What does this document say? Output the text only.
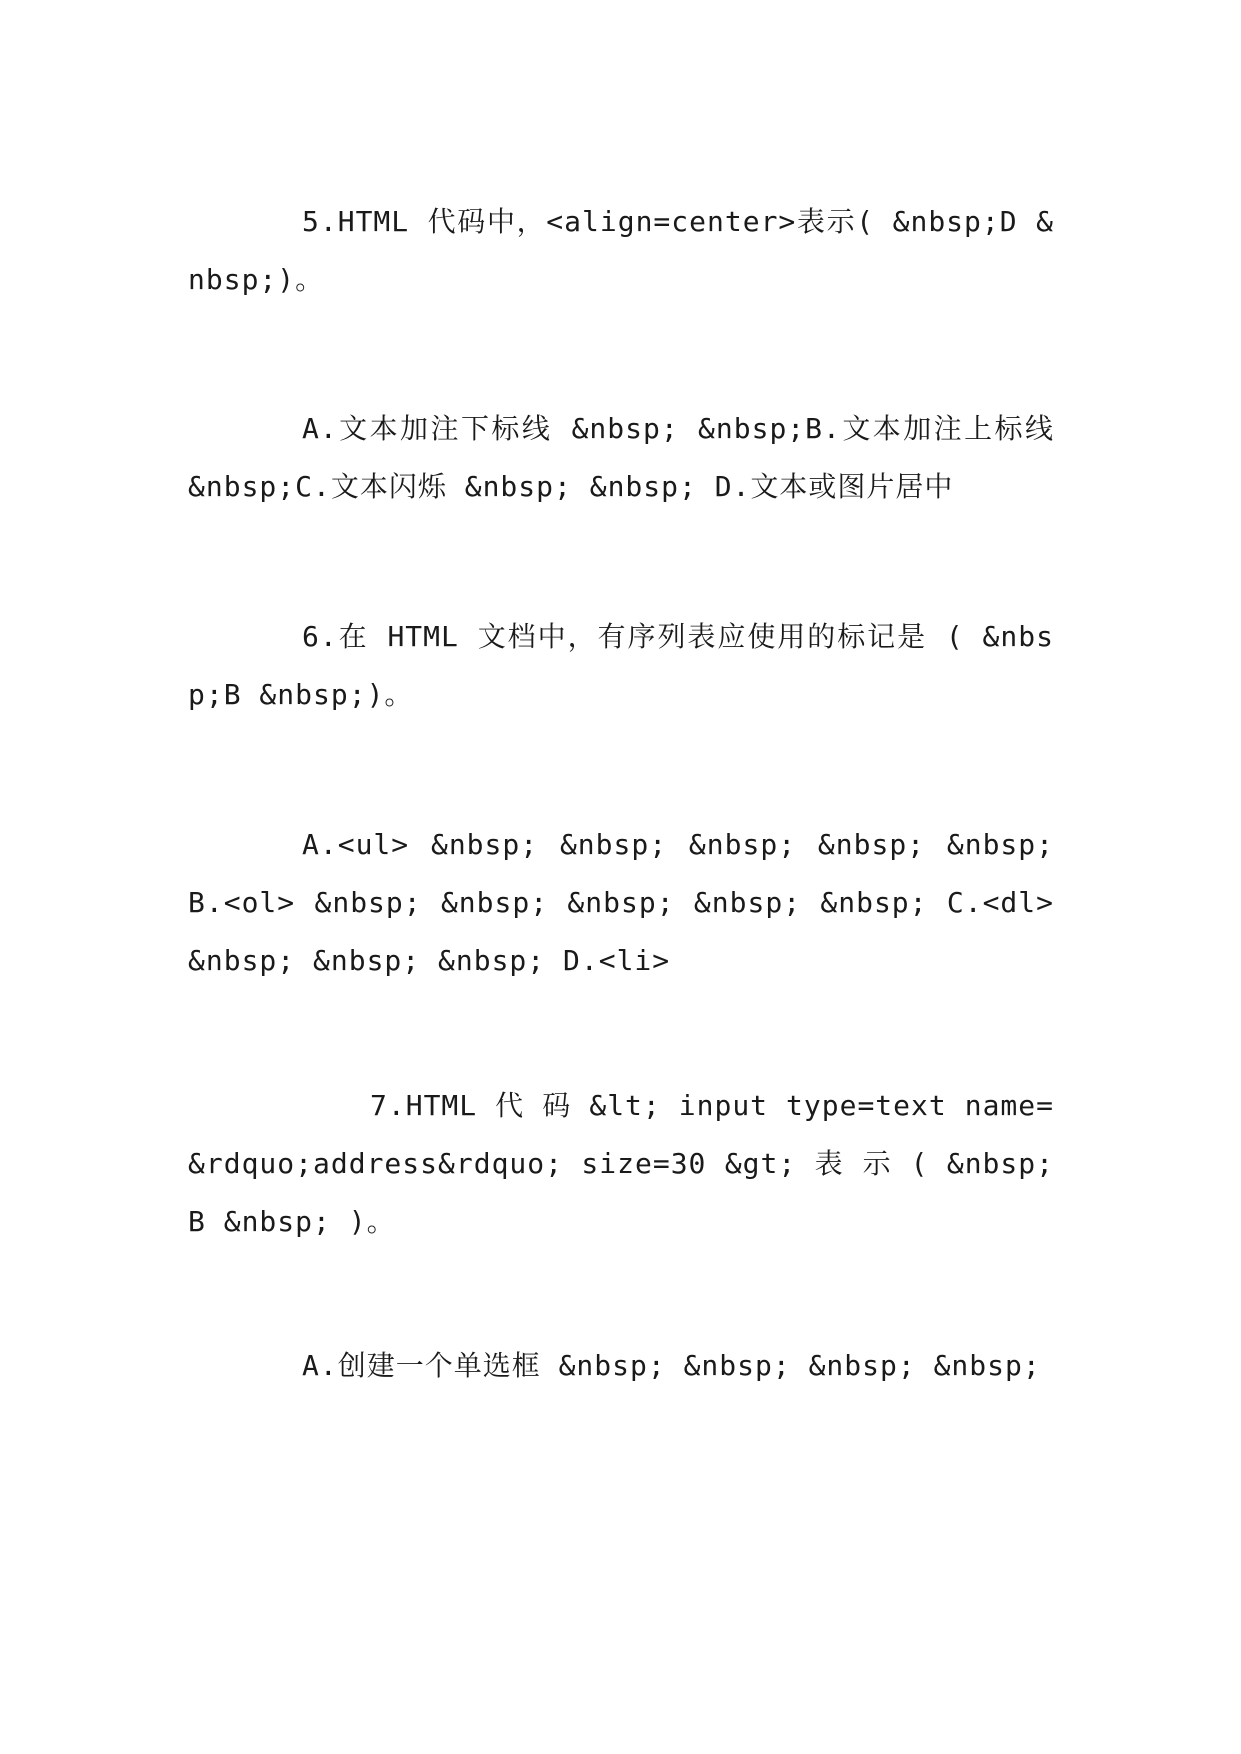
5.HTML 代码中，<align=center>表示( &nbsp;D &nbsp;)。

A.文本加注下标线 &nbsp; &nbsp;B.文本加注上标线 &nbsp;C.文本闪烁 &nbsp; &nbsp; D.文本或图片居中

6.在 HTML 文档中，有序列表应使用的标记是 ( &nbsp;B &nbsp;)。

A.<ul> &nbsp; &nbsp; &nbsp; &nbsp; &nbsp;B.<ol> &nbsp; &nbsp; &nbsp; &nbsp; &nbsp; C.<dl> &nbsp; &nbsp; &nbsp; D.<li>

7.HTML 代 码 &lt; input type=text name=&rdquo;address&rdquo; size=30 &gt; 表 示 ( &nbsp;B &nbsp; )。

A.创建一个单选框 &nbsp; &nbsp; &nbsp; &nbsp;
